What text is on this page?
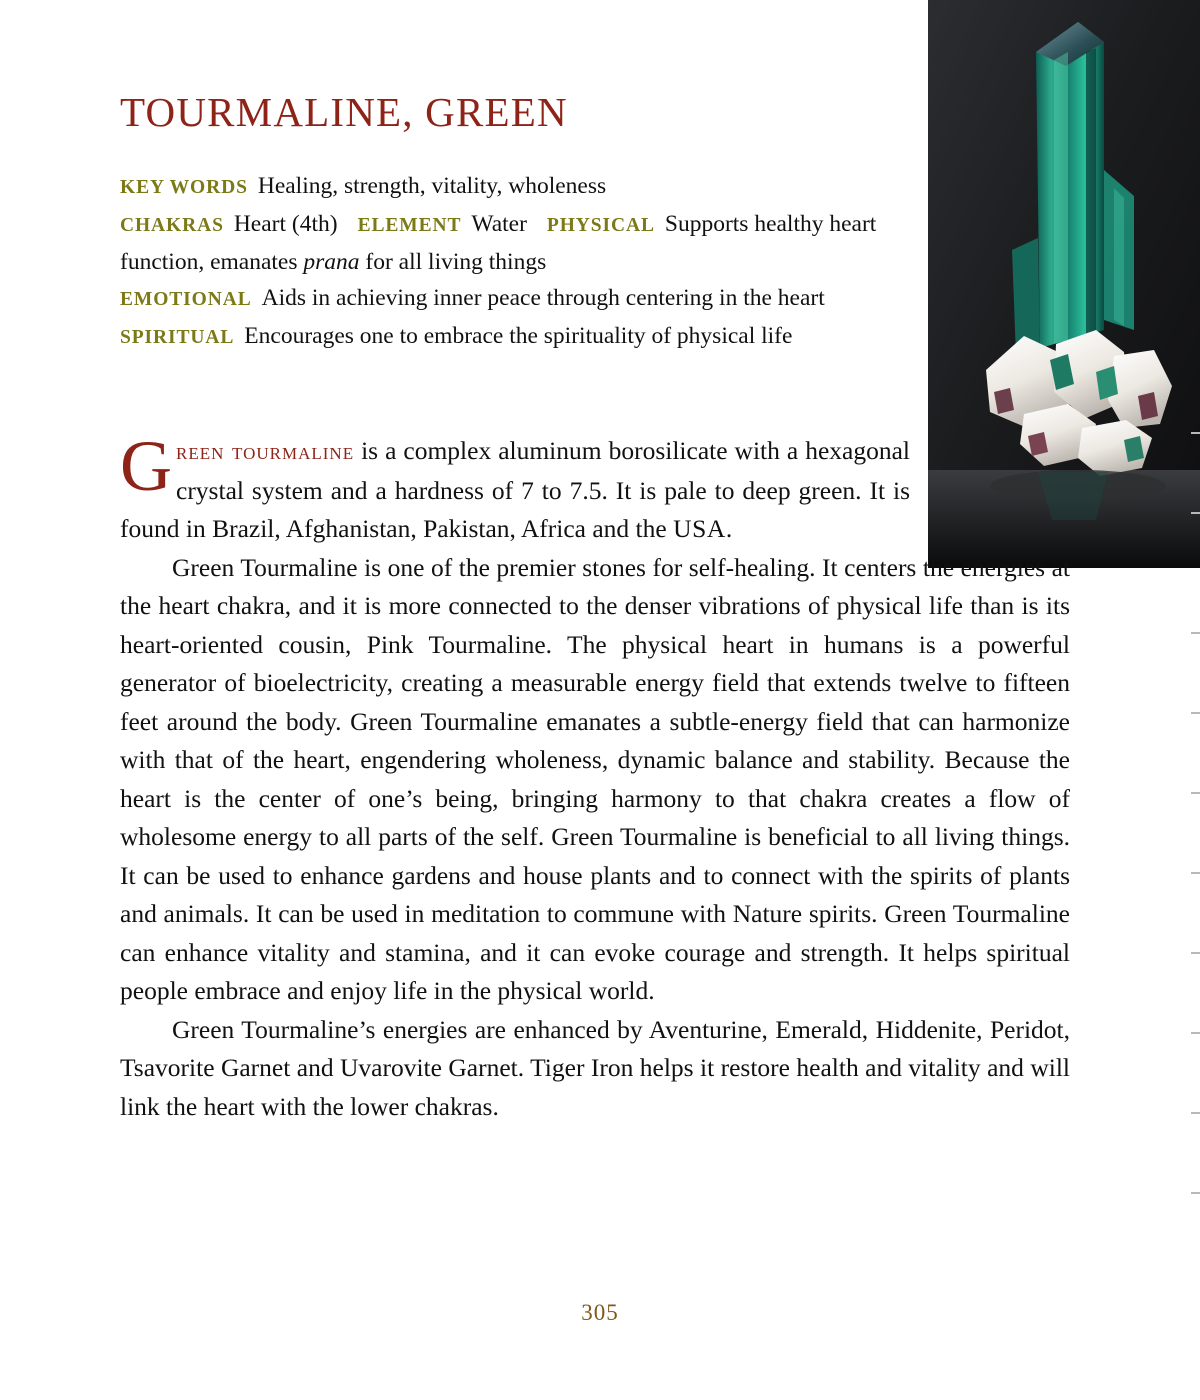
TOURMALINE, GREEN
KEY WORDS Healing, strength, vitality, wholeness
CHAKRAS Heart (4th) ELEMENT Water PHYSICAL Supports healthy heart function, emanates prana for all living things
EMOTIONAL Aids in achieving inner peace through centering in the heartSPIRITUAL Encourages one to embrace the spirituality of physical life

Green tourmaline is a complex aluminum borosilicate with a hexagonal crystal system and a hardness of 7 to 7.5. It is pale to deep green. It is found in Brazil, Afghanistan, Pakistan, Africa and the USA.

Green Tourmaline is one of the premier stones for self-healing. It centers the energies at the heart chakra, and it is more connected to the denser vibrations of physical life than is its heart-oriented cousin, Pink Tourmaline. The physical heart in humans is a powerful generator of bioelectricity, creating a measurable energy field that extends twelve to fifteen feet around the body. Green Tourmaline emanates a subtle-energy field that can harmonize with that of the heart, engendering wholeness, dynamic balance and stability. Because the heart is the center of one’s being, bringing harmony to that chakra creates a flow of wholesome energy to all parts of the self. Green Tourmaline is beneficial to all living things. It can be used to enhance gardens and house plants and to connect with the spirits of plants and animals. It can be used in meditation to commune with Nature spirits. Green Tourmaline can enhance vitality and stamina, and it can evoke courage and strength. It helps spiritual people embrace and enjoy life in the physical world.

Green Tourmaline’s energies are enhanced by Aventurine, Emerald, Hiddenite, Peridot, Tsavorite Garnet and Uvarovite Garnet. Tiger Iron helps it restore health and vitality and will link the heart with the lower chakras.

305
